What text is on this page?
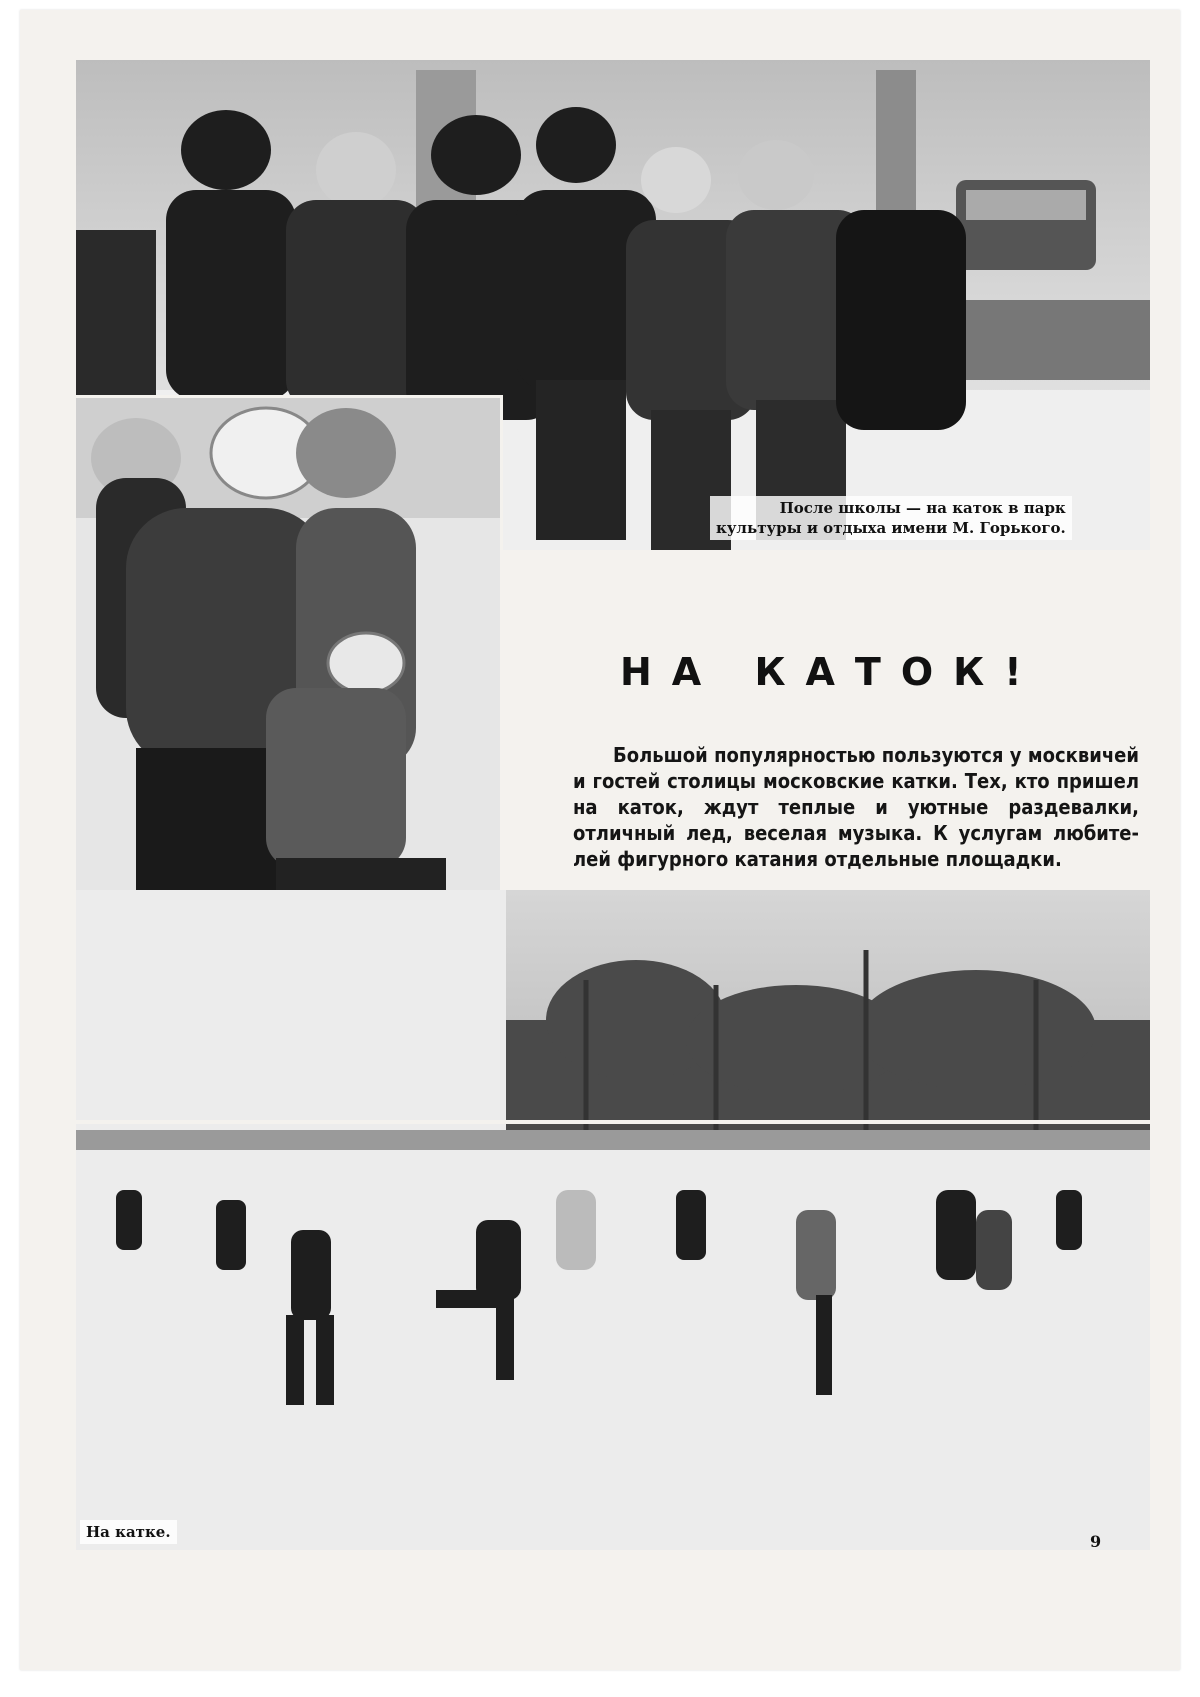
После школы — на каток в парк
культуры и отдыха имени М. Горького.
На катке.
НА КАТОК!
Большой популярностью пользуются у москвичей и гостей столицы московские катки. Тех, кто пришел на каток, ждут теплые и уютные раздевалки, отличный лед, веселая музыка. К услугам любителей фигурного катания отдельные площадки.
9
